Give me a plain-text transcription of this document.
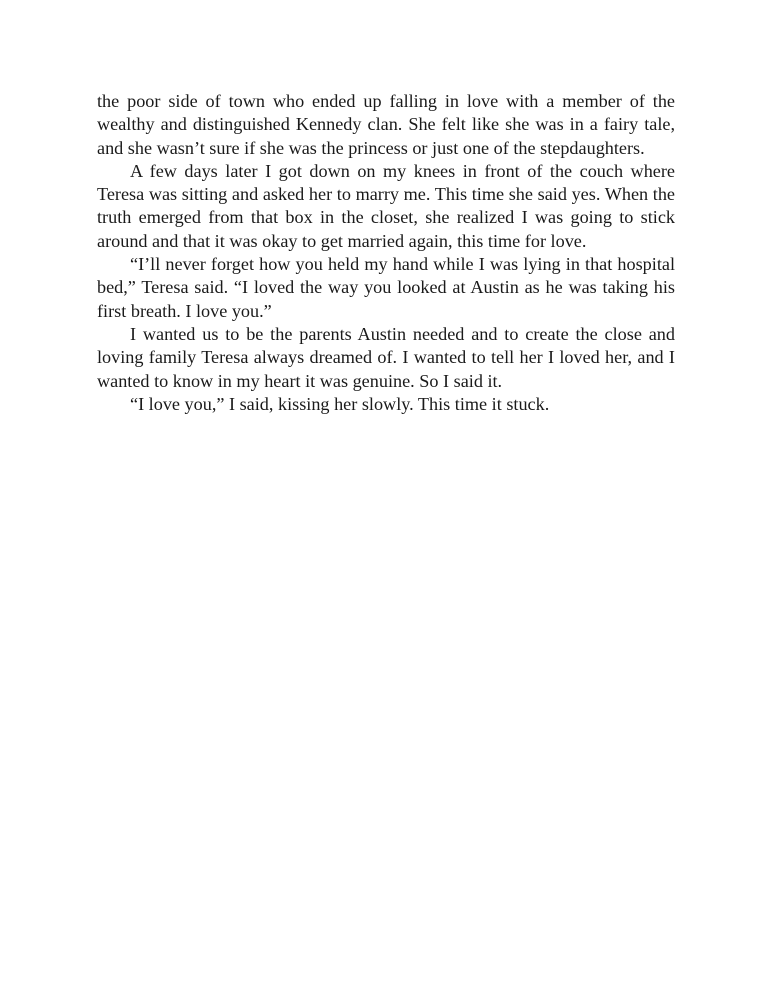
the poor side of town who ended up falling in love with a member of the wealthy and distinguished Kennedy clan. She felt like she was in a fairy tale, and she wasn’t sure if she was the princess or just one of the stepdaughters.

A few days later I got down on my knees in front of the couch where Teresa was sitting and asked her to marry me. This time she said yes. When the truth emerged from that box in the closet, she realized I was going to stick around and that it was okay to get married again, this time for love.

“I’ll never forget how you held my hand while I was lying in that hospital bed,” Teresa said. “I loved the way you looked at Austin as he was taking his first breath. I love you.”

I wanted us to be the parents Austin needed and to create the close and loving family Teresa always dreamed of. I wanted to tell her I loved her, and I wanted to know in my heart it was genuine. So I said it.

“I love you,” I said, kissing her slowly. This time it stuck.
